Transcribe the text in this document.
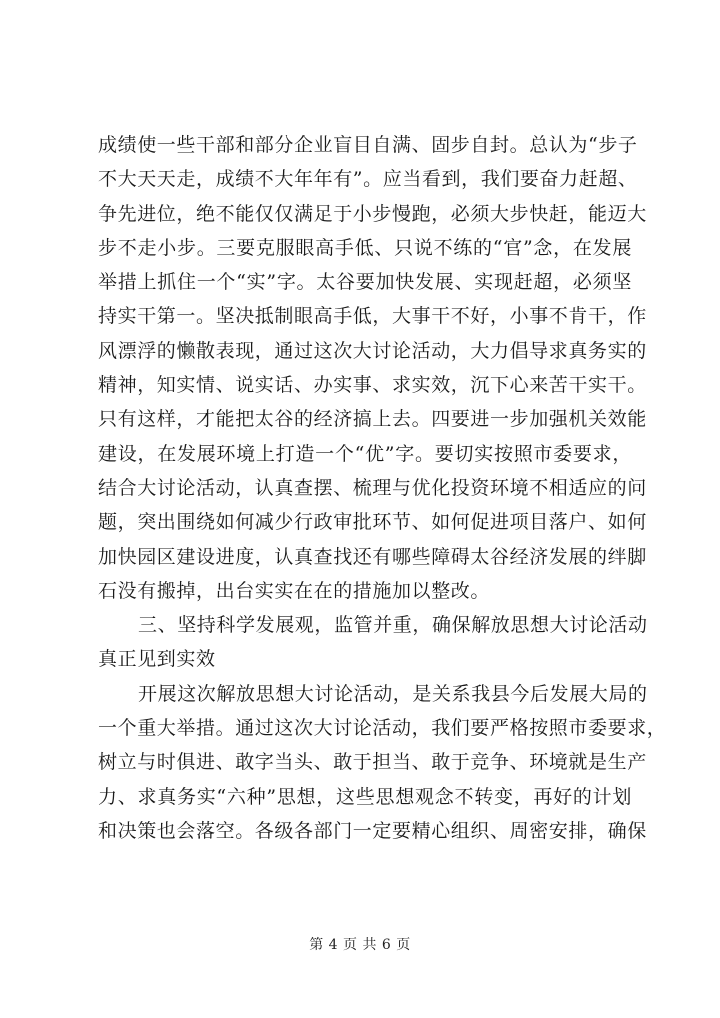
成绩使一些干部和部分企业盲目自满、固步自封。总认为“步子
不大天天走，成绩不大年年有”。应当看到，我们要奋力赶超、
争先进位，绝不能仅仅满足于小步慢跑，必须大步快赶，能迈大
步不走小步。三要克服眼高手低、只说不练的“官”念，在发展
举措上抓住一个“实”字。太谷要加快发展、实现赶超，必须坚
持实干第一。坚决抵制眼高手低，大事干不好，小事不肯干，作
风漂浮的懒散表现，通过这次大讨论活动，大力倡导求真务实的
精神，知实情、说实话、办实事、求实效，沉下心来苦干实干。
只有这样，才能把太谷的经济搞上去。四要进一步加强机关效能
建设，在发展环境上打造一个“优”字。要切实按照市委要求，
结合大讨论活动，认真查摆、梳理与优化投资环境不相适应的问
题，突出围绕如何减少行政审批环节、如何促进项目落户、如何
加快园区建设进度，认真查找还有哪些障碍太谷经济发展的绊脚
石没有搬掉，出台实实在在的措施加以整改。
三、坚持科学发展观，监管并重，确保解放思想大讨论活动
真正见到实效
开展这次解放思想大讨论活动，是关系我县今后发展大局的
一个重大举措。通过这次大讨论活动，我们要严格按照市委要求，
树立与时俱进、敢字当头、敢于担当、敢于竞争、环境就是生产
力、求真务实“六种”思想，这些思想观念不转变，再好的计划
和决策也会落空。各级各部门一定要精心组织、周密安排，确保
第 4 页 共 6 页
